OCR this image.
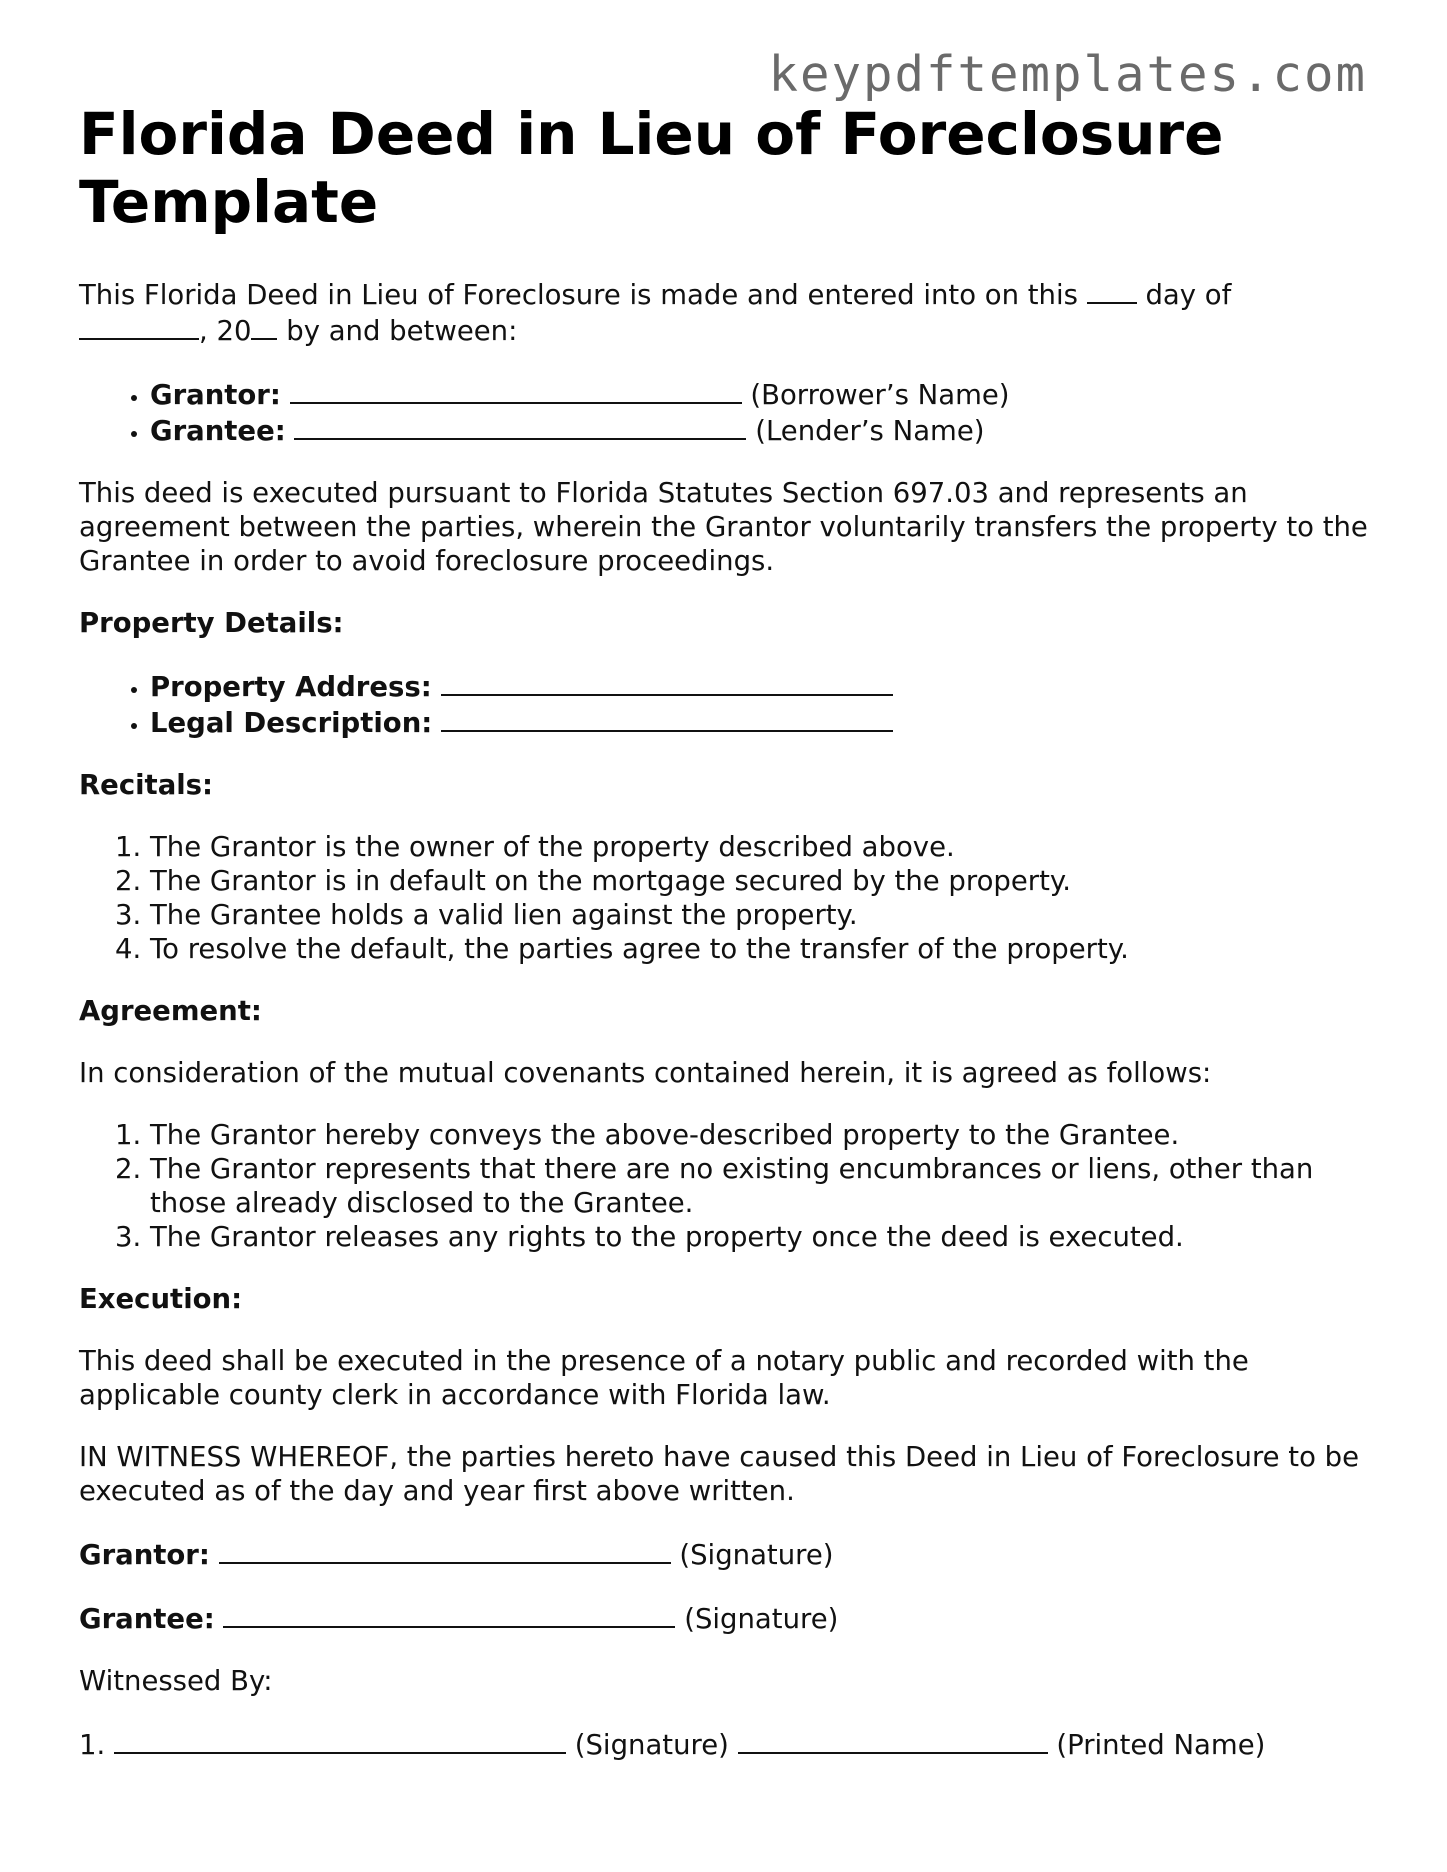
keypdftemplates.com
Florida Deed in Lieu of Foreclosure Template

This Florida Deed in Lieu of Foreclosure is made and entered into on this day of
, 20 by and between:

• Grantor:	(Borrower’s Name)
• Grantee:	(Lender’s Name)

This deed is executed pursuant to Florida Statutes Section 697.03 and represents an agreement between the parties, wherein the Grantor voluntarily transfers the property to the Grantee in order to avoid foreclosure proceedings.

Property Details:
• Property Address:
• Legal Description:
Recitals:
1. The Grantor is the owner of the property described above.
2. The Grantor is in default on the mortgage secured by the property.
3. The Grantee holds a valid lien against the property.
4. To resolve the default, the parties agree to the transfer of the property.
Agreement:

In consideration of the mutual covenants contained herein, it is agreed as follows:

1. The Grantor hereby conveys the above-described property to the Grantee.
2. The Grantor represents that there are no existing encumbrances or liens, other than those already disclosed to the Grantee.
3. The Grantor releases any rights to the property once the deed is executed.
Execution:

This deed shall be executed in the presence of a notary public and recorded with the applicable county clerk in accordance with Florida law.

IN WITNESS WHEREOF, the parties hereto have caused this Deed in Lieu of Foreclosure to be executed as of the day and year first above written.

Grantor:	(Signature)

Grantee:	(Signature)

Witnessed By:

1.	(Signature)	(Printed Name)
